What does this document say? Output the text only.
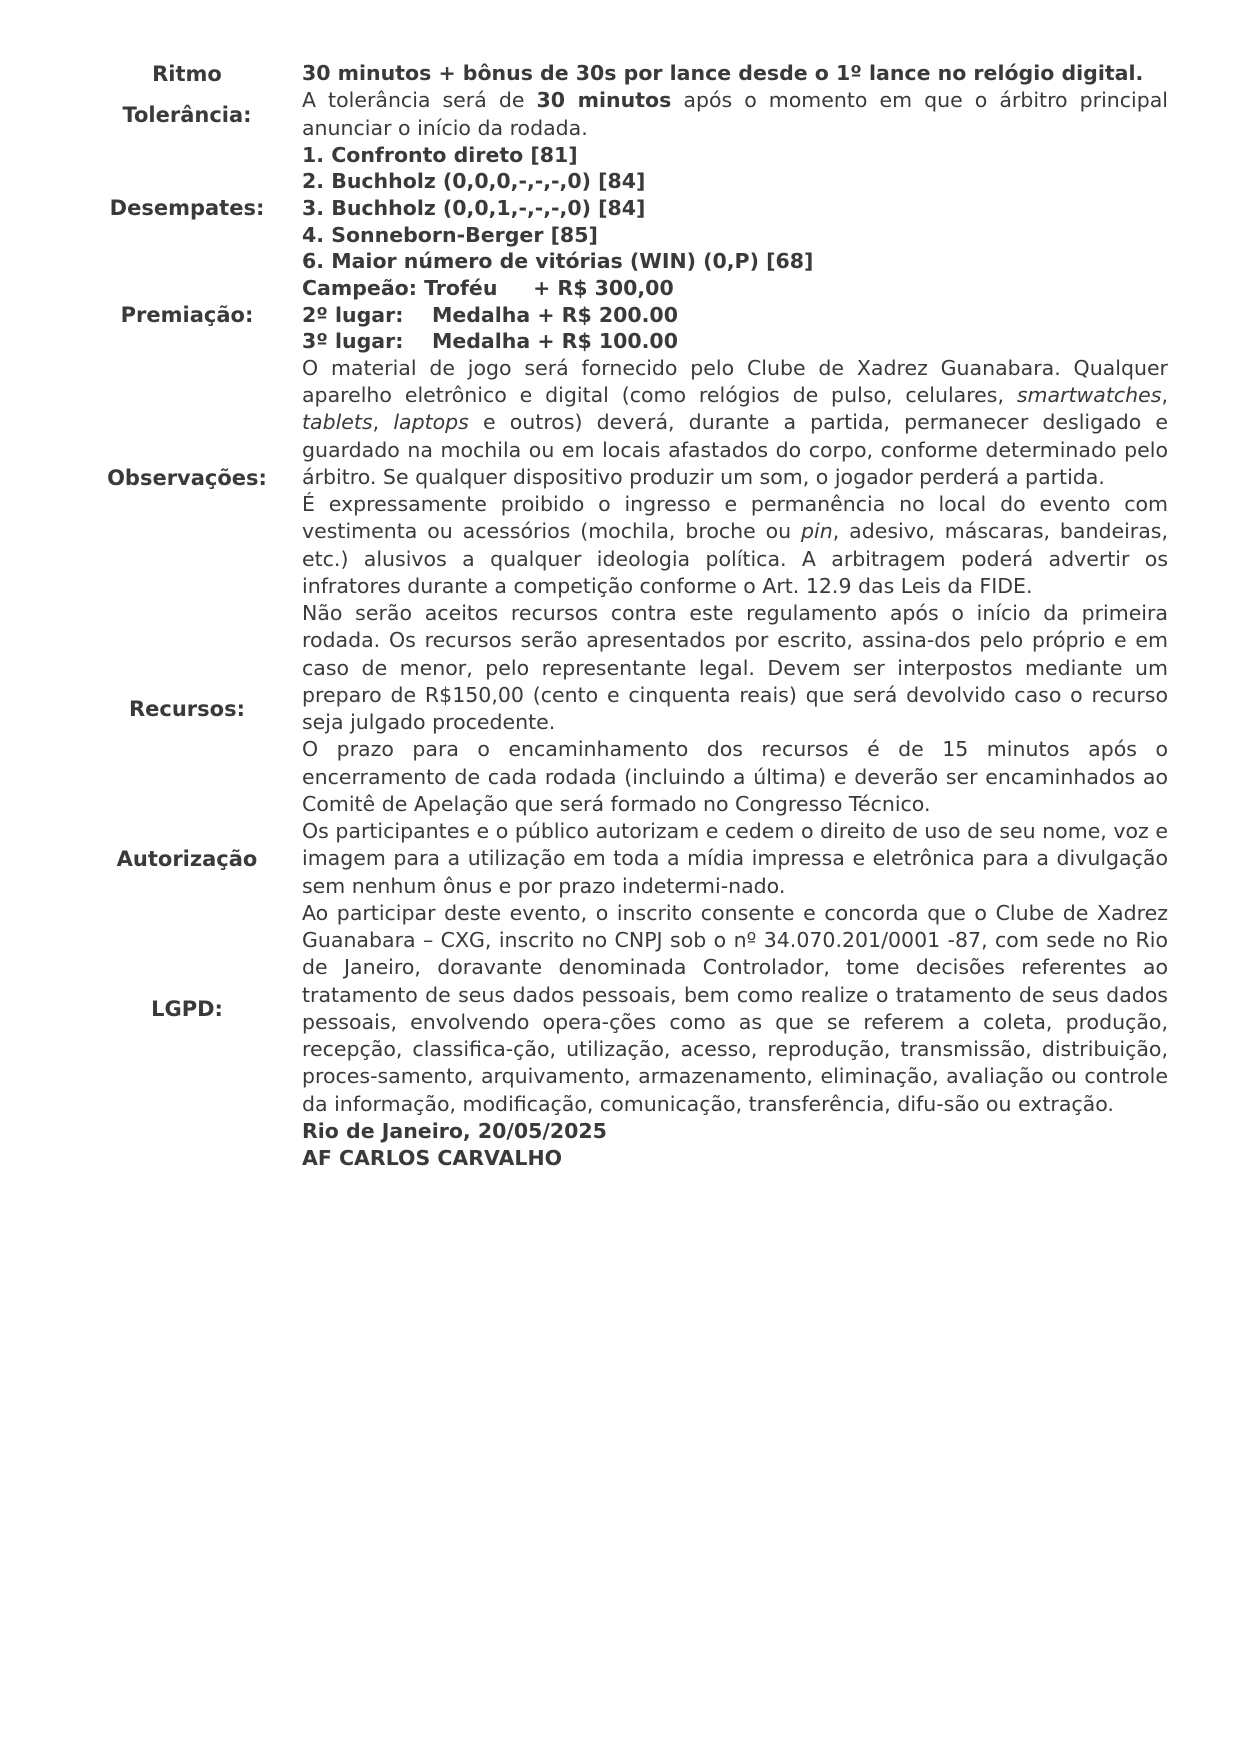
Ritmo	30 minutos + bônus de 30s por lance desde o 1º lance no relógio digital.

Tolerância:	A tolerância será de 30 minutos após o momento em que o árbitro principal anunciar o início da rodada.

Desempates:	1. Confronto direto [81]
2. Buchholz (0,0,0,-,-,-,0) [84]
3. Buchholz (0,0,1,-,-,-,0) [84]
4. Sonneborn-Berger [85]
6. Maior número de vitórias (WIN) (0,P) [68]

Premiação:	Campeão: Troféu     + R$ 300,00
2º lugar:    Medalha + R$ 200.00
3º lugar:    Medalha + R$ 100.00

Observações:	O material de jogo será fornecido pelo Clube de Xadrez Guanabara. Qualquer aparelho eletrônico e digital (como relógios de pulso, celulares, smartwatches, tablets, laptops e outros) deverá, durante a partida, permanecer desligado e guardado na mochila ou em locais afastados do corpo, conforme determinado pelo árbitro. Se qualquer dispositivo produzir um som, o jogador perderá a partida.
É expressamente proibido o ingresso e permanência no local do evento com vestimenta ou acessórios (mochila, broche ou pin, adesivo, máscaras, bandeiras, etc.) alusivos a qualquer ideologia política. A arbitragem poderá advertir os infratores durante a competição conforme o Art. 12.9 das Leis da FIDE.

Recursos:	Não serão aceitos recursos contra este regulamento após o início da primeira rodada. Os recursos serão apresentados por escrito, assina-dos pelo próprio e em caso de menor, pelo representante legal. Devem ser interpostos mediante um preparo de R$150,00 (cento e cinquenta reais) que será devolvido caso o recurso seja julgado procedente.
O prazo para o encaminhamento dos recursos é de 15 minutos após o encerramento de cada rodada (incluindo a última) e deverão ser encaminhados ao Comitê de Apelação que será formado no Congresso Técnico.

Autorização	Os participantes e o público autorizam e cedem o direito de uso de seu nome, voz e imagem para a utilização em toda a mídia impressa e eletrônica para a divulgação sem nenhum ônus e por prazo indetermi-nado.

LGPD:	Ao participar deste evento, o inscrito consente e concorda que o Clube de Xadrez Guanabara – CXG, inscrito no CNPJ sob o nº 34.070.201/0001 -87, com sede no Rio de Janeiro, doravante denominada Controlador, tome decisões referentes ao tratamento de seus dados pessoais, bem como realize o tratamento de seus dados pessoais, envolvendo opera-ções como as que se referem a coleta, produção, recepção, classifica-ção, utilização, acesso, reprodução, transmissão, distribuição, proces-samento, arquivamento, armazenamento, eliminação, avaliação ou controle da informação, modificação, comunicação, transferência, difu-são ou extração.

	Rio de Janeiro, 20/05/2025
AF CARLOS CARVALHO
